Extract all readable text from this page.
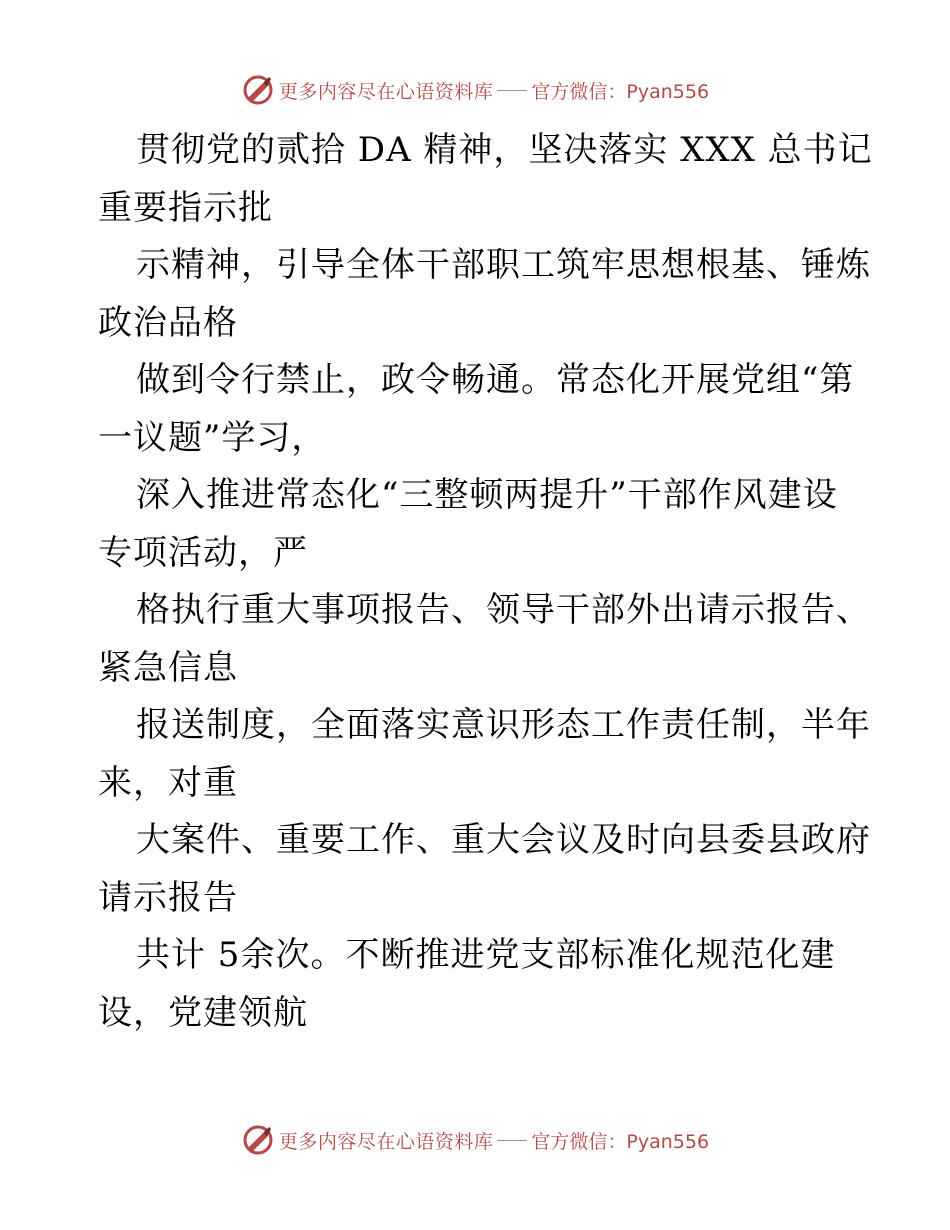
更多内容尽在心语资料库 官方微信：Pyan556
贯彻党的贰拾 DA 精神，坚决落实 XXX 总书记
重要指示批
示精神，引导全体干部职工筑牢思想根基、锤炼
政治品格
做到令行禁止，政令畅通。常态化开展党组“第
一议题”学习，
深入推进常态化“三整顿两提升”干部作风建设
专项活动，严
格执行重大事项报告、领导干部外出请示报告、
紧急信息
报送制度，全面落实意识形态工作责任制，半年
来，对重
大案件、重要工作、重大会议及时向县委县政府
请示报告
共计 5余次。不断推进党支部标准化规范化建
设，党建领航
更多内容尽在心语资料库 官方微信：Pyan556
